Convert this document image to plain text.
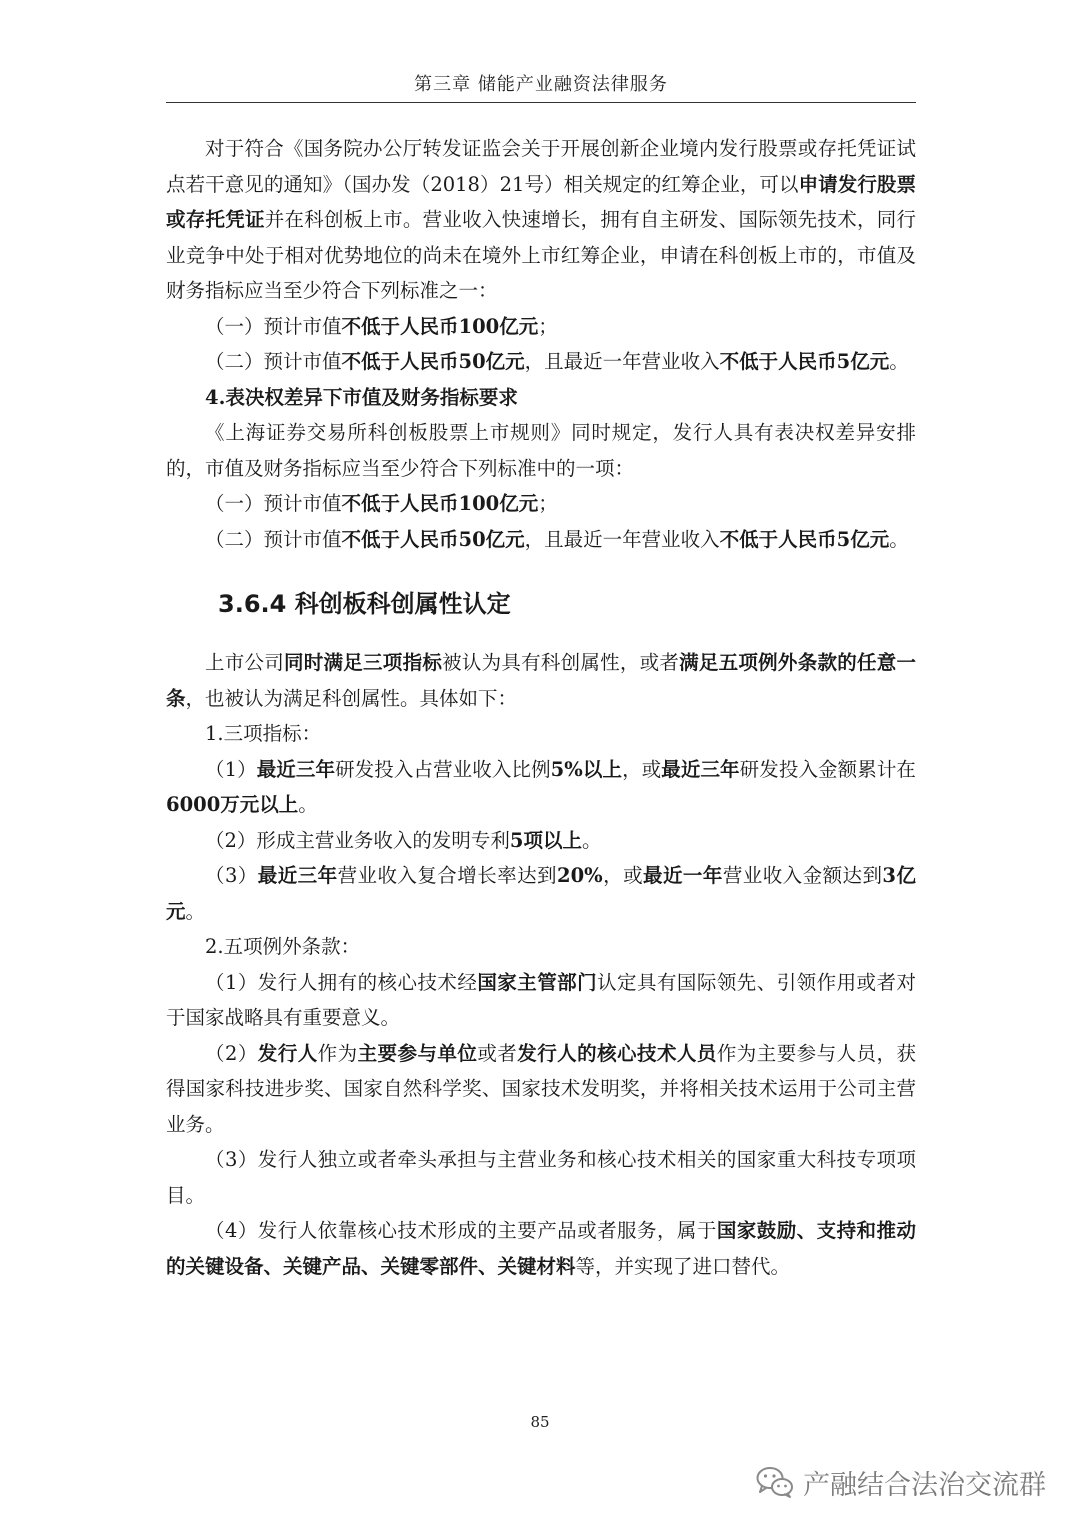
第三章 储能产业融资法律服务

对于符合《国务院办公厅转发证监会关于开展创新企业境内发行股票或存托凭证试点若干意见的通知》（国办发（2018）21号）相关规定的红筹企业，可以申请发行股票或存托凭证并在科创板上市。营业收入快速增长，拥有自主研发、国际领先技术，同行业竞争中处于相对优势地位的尚未在境外上市红筹企业，申请在科创板上市的，市值及财务指标应当至少符合下列标准之一：

（一）预计市值不低于人民币100亿元；

（二）预计市值不低于人民币50亿元，且最近一年营业收入不低于人民币5亿元。

4.表决权差异下市值及财务指标要求

《上海证券交易所科创板股票上市规则》同时规定，发行人具有表决权差异安排的，市值及财务指标应当至少符合下列标准中的一项：

（一）预计市值不低于人民币100亿元；

（二）预计市值不低于人民币50亿元，且最近一年营业收入不低于人民币5亿元。

3.6.4 科创板科创属性认定

上市公司同时满足三项指标被认为具有科创属性，或者满足五项例外条款的任意一条，也被认为满足科创属性。具体如下：

1.三项指标：

（1）最近三年研发投入占营业收入比例5%以上，或最近三年研发投入金额累计在6000万元以上。

（2）形成主营业务收入的发明专利5项以上。

（3）最近三年营业收入复合增长率达到20%，或最近一年营业收入金额达到3亿元。

2.五项例外条款：

（1）发行人拥有的核心技术经国家主管部门认定具有国际领先、引领作用或者对于国家战略具有重要意义。

（2）发行人作为主要参与单位或者发行人的核心技术人员作为主要参与人员，获得国家科技进步奖、国家自然科学奖、国家技术发明奖，并将相关技术运用于公司主营业务。

（3）发行人独立或者牵头承担与主营业务和核心技术相关的国家重大科技专项项目。

（4）发行人依靠核心技术形成的主要产品或者服务，属于国家鼓励、支持和推动的关键设备、关键产品、关键零部件、关键材料等，并实现了进口替代。

85
产融结合法治交流群
